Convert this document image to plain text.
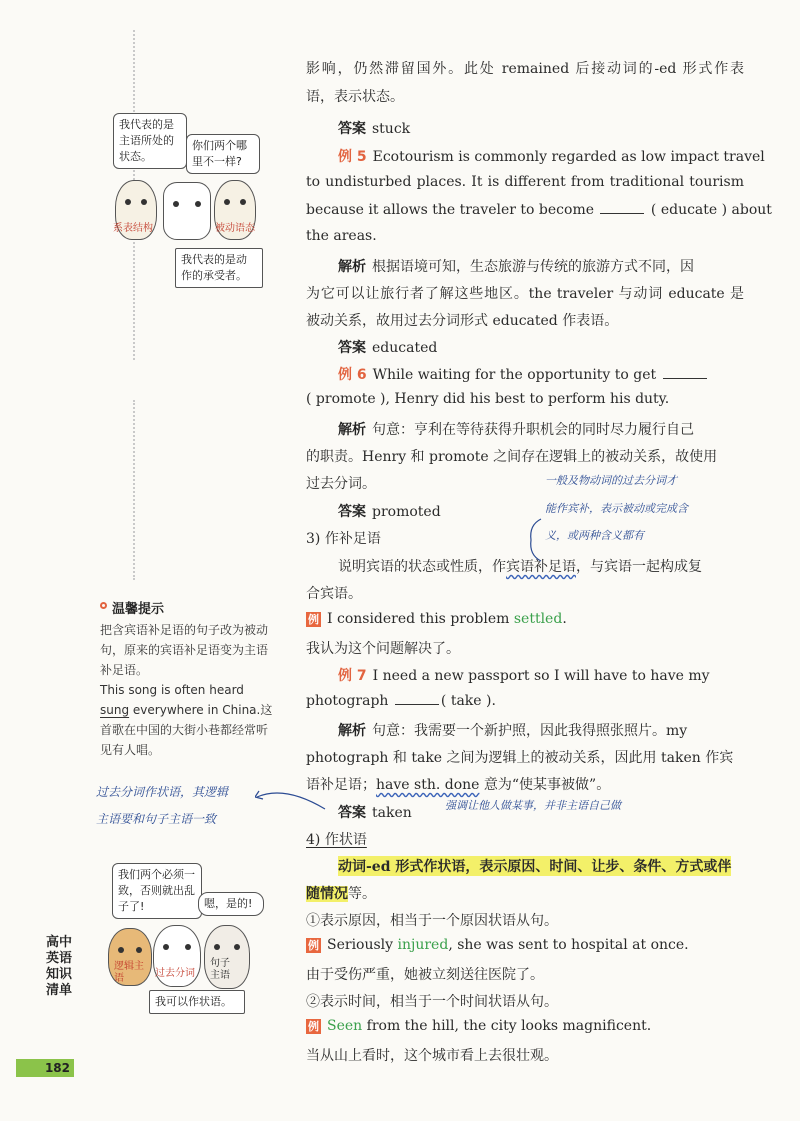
影响，仍然滞留国外。此处 remained 后接动词的-ed 形式作表
语，表示状态。
答案 stuck
例 5 Ecotourism is commonly regarded as low impact travel
to undisturbed places. It is different from traditional tourism
because it allows the traveler to become	( educate ) about
the areas.
解析 根据语境可知，生态旅游与传统的旅游方式不同，因
为它可以让旅行者了解这些地区。the traveler 与动词 educate 是
被动关系，故用过去分词形式 educated 作表语。
答案 educated
例 6 While waiting for the opportunity to get
( promote ), Henry did his best to perform his duty.
解析 句意：亨利在等待获得升职机会的同时尽力履行自己
的职责。Henry 和 promote 之间存在逻辑上的被动关系，故使用
过去分词。
答案 promoted
3) 作补足语
说明宾语的状态或性质，作宾语补足语，与宾语一起构成复
合宾语。
例 I considered this problem settled.
我认为这个问题解决了。
例 7 I need a new passport so I will have to have my
photograph	( take ).
解析 句意：我需要一个新护照，因此我得照张照片。my
photograph 和 take 之间为逻辑上的被动关系，因此用 taken 作宾
语补足语；have sth. done 意为“使某事被做”。
答案 taken
4) 作状语
动词-ed 形式作状语，表示原因、时间、让步、条件、方式或伴
随情况等。
①表示原因，相当于一个原因状语从句。
例 Seriously injured, she was sent to hospital at once.
由于受伤严重，她被立刻送往医院了。
②表示时间，相当于一个时间状语从句。
例 Seen from the hill, the city looks magnificent.
当从山上看时，这个城市看上去很壮观。
一般及物动词的过去分词才
能作宾补，表示被动或完成含
义，或两种含义都有
强调让他人做某事，并非主语自己做
过去分词作状语，其逻辑
主语要和句子主语一致
我代表的是主语所处的状态。
你们两个哪里不一样?
系表结构	被动语态
我代表的是动作的承受者。
温馨提示
把含宾语补足语的句子改为被动句，原来的宾语补足语变为主语补足语。
This song is often heard sung everywhere in China.这首歌在中国的大街小巷都经常听见有人唱。
我们两个必须一致，否则就出乱子了!	嗯，是的!
逻辑主语	过去分词
句子主语
我可以作状语。
高中英语知识清单
182
